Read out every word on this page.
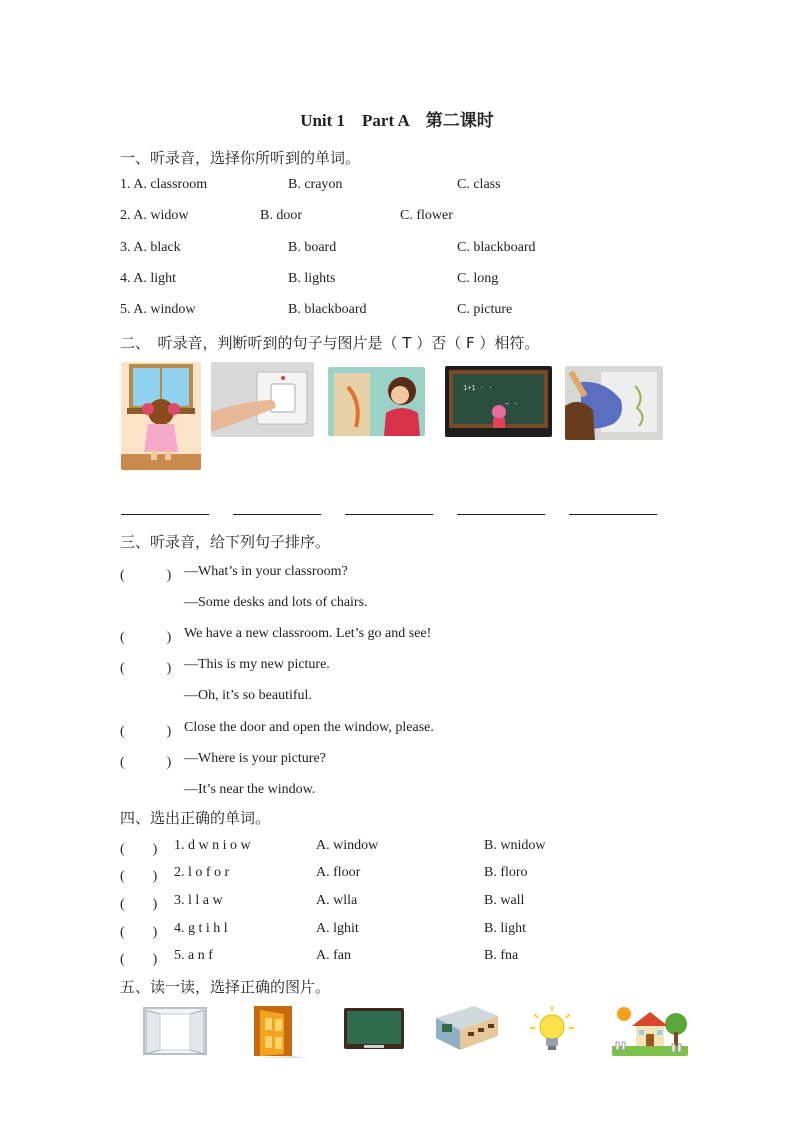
Unit 1　Part A　第二课时
一、听录音，选择你所听到的单词。
1. A. classroom	B. crayon	C. class
2. A. widow	B. door	C. flower
3. A. black	B. board	C. blackboard
4. A. light	B. lights	C. long
5. A. window	B. blackboard	C. picture
二、　听录音，判断听到的句子与图片是（ T ）否（ F ）相符。
1+1 · ·
~ ·
三、听录音，给下列句子排序。
(　　　) —What’s in your classroom?
—Some desks and lots of chairs.
(　　　) We have a new classroom. Let’s go and see!
(　　　) —This is my new picture.
—Oh, it’s so beautiful.
(　　　) Close the door and open the window, please.
(　　　) —Where is your picture?
—It’s near the window.
四、选出正确的单词。
(　　) 1. d w n i o w	A. window	B. wnidow
(　　) 2. l o f o r	A. floor	B. floro
(　　) 3. l l a w	A. wlla	B. wall
(　　) 4. g t i h l	A. lghit	B. light
(　　) 5. a n f	A. fan	B. fna
五、读一读，选择正确的图片。
